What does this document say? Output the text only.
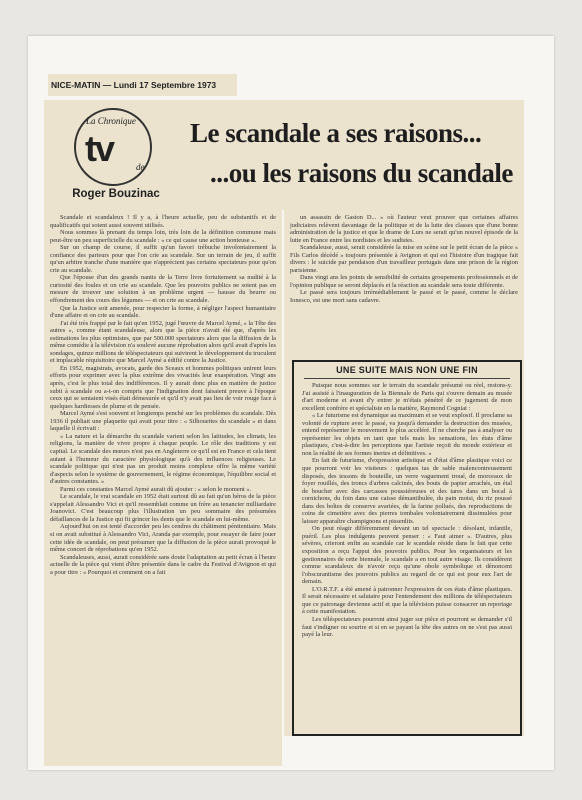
NICE-MATIN — Lundi 17 Septembre 1973
La Chronique
tv	de
Roger Bouzinac
Le scandale a ses raisons...
...ou les raisons du scandale

Scandale et scandaleux ! Il y a, à l'heure actuelle, peu de substantifs et de qualificatifs qui soient aussi souvent utilisés.

Nous sommes là prenant du temps loin, très loin de la définition commune mais peut-être un peu superficielle du scandale : « ce qui cause une action honteuse ».

Sur un champ de course, il suffit qu'un favori trébuche involontairement la confiance des parieurs pour que l'on crie au scandale. Sur un terrain de jeu, il suffit qu'un arbitre tranche d'une manière que n'apprécient pas certains spectateurs pour qu'on crie au scandale.

Que l'épouse d'un des grands nantis de la Terre livre fortuitement sa nudité à la curiosité des foules et on crie au scandale. Que les pouvoirs publics ne soient pas en mesure de trouver une solution à un problème urgent — hausse du beurre ou effondrement des cours des légumes — et on crie au scandale.

Que la Justice soit amenée, pour respecter la forme, à négliger l'aspect humanitaire d'une affaire et on crie au scandale.

J'ai été très frappé par le fait qu'en 1952, jugé l'œuvre de Marcel Aymé, « la Tête des autres », comme étant scandaleuse, alors que la pièce n'avait été que, d'après les estimations les plus optimistes, que par 500.000 spectateurs alors que la diffusion de la même comédie à la télévision n'a soulevé aucune réprobation alors qu'il avait d'après les sondages, quinze millions de téléspectateurs qui suivirent le développement du truculent et implacable réquisitoire que Marcel Aymé a édifié contre la Justice.

En 1952, magistrats, avocats, garde des Sceaux et hommes politiques unirent leurs efforts pour exprimer avec la plus extrême des vivacités leur exaspération. Vingt ans après, c'est le plus total des indifférences. Il y aurait donc plus en matière de justice subit à scandale ou a-t-on compris que l'indignation dont faisaient preuve à l'époque ceux qui se sentaient visés était démesurée et qu'il n'y avait pas lieu de voir rouge face à quelques hardiesses de plume et de pensée.

Marcel Aymé s'est souvent et longtemps penché sur les problèmes du scandale. Dès 1936 il publiait une plaquette qui avait pour titre : « Silhouettes du scandale » et dans laquelle il écrivait :

« La nature et la démarche du scandale varient selon les latitudes, les climats, les religions, la manière de vivre propre à chaque peuple. Le rôle des traditions y est capital. Le scandale des mœurs n'est pas en Angleterre ce qu'il est en France et cela tient autant à l'humeur du caractère physiologique qu'à des influences religieuses. Le scandale politique qui n'est pas un produit moins complexe offre la même variété d'aspects selon le système de gouvernement, le régime économique, l'équilibre social et d'autres constantes. »

Parmi ces constantes Marcel Aymé aurait dû ajouter : « selon le moment ».

Le scandale, le vrai scandale en 1952 était surtout dû au fait qu'un héros de la pièce s'appelait Alessandro Vici et qu'il ressemblait comme un frère au tenancier milliardaire Joanovici. C'est beaucoup plus l'illustration un peu sommaire des présumées défaillances de la Justice qui fit grincer les dents que le scandale en lui-même.

Aujourd'hui on est tenté d'accorder peu les cendres du châtiment pénitentiaire. Mais si on avait substitué à Alessandro Vici, Aranda par exemple, pour essayer de faire jouer cette idée de scandale, on peut présumer que la diffusion de la pièce aurait provoqué le même concert de réprobations qu'en 1952.

Scandaleuses, aussi, aurait considérée sans doute l'adaptation au petit écran à l'heure actuelle de la pièce qui vient d'être présentée dans le cadre du Festival d'Avignon et qui a pour titre : « Pourquoi et comment on a fait

un assassin de Gaston D... » où l'auteur veut prouver que certaines affaires judiciaires relèvent davantage de la politique et de la lutte des classes que d'une bonne administration de la justice et que le drame de Lurs ne serait qu'un nouvel épisode de la lutte en France entre les nordistes et les sudistes.

Scandaleuse, aussi, serait considérée la mise en scène sur le petit écran de la pièce « Fils Carlos décédé » toujours présentée à Avignon et qui est l'histoire d'un tragique fait divers : le suicide par pendaison d'un travailleur portugais dans une prison de la région parisienne.

Dans vingt ans les points de sensibilité de certains groupements professionnels et de l'opinion publique se seront déplacés et la réaction au scandale sera toute différente.

Le passé sera toujours irrémédiablement le passé et le passé, comme le déclare Ionesco, est une mort sans cadavre.

UNE SUITE MAIS NON UNE FIN

Puisque nous sommes sur le terrain du scandale présumé ou réel, restons-y. J'ai assisté à l'inauguration de la Biennale de Paris qui s'ouvre demain au musée d'art moderne et avant d'y entrer je m'étais pénétré de ce jugement de mon excellent confrère et spécialiste en la matière, Raymond Cogniat :

« Le futurisme est dynamique au maximum et se veut explosif. Il proclame sa volonté de rupture avec le passé, va jusqu'à demander la destruction des musées, entend représenter le mouvement le plus accéléré. Il ne cherche pas à analyser ou représenter les objets en tant que tels mais les sensations, les états d'âme plastiques, c'est-à-dire les perceptions que l'artiste reçoit du monde extérieur et non la réalité de ses formes inertes et définitives. »

En fait de futurisme, d'expression artistique et d'état d'âme plastique voici ce que pourront voir les visiteurs : quelques tas de sable malencontreusement disposés, des tessons de bouteille, un verre vaguement troué, de morceaux de foyer rouillés, des troncs d'arbres calcinés, des bouts de papier arrachés, un étal de boucher avec des carcasses poussiéreuses et des tares dans un bocal à cornichons, du foin dans une caisse démantibulée, du pain moisi, du riz poussé dans des boîtes de conserve avariées, de la farine pollués, des reproductions de coins de cimetière avec des pierres tombales volontairement dissimulées pour laisser apparaître champignons et pissenlits.

On peut réagir différemment devant un tel spectacle : désolant, infantile, puéril. Les plus indulgents peuvent penser : « Faut aimer ». D'autres, plus sévères, crieront enfin au scandale car le scandale réside dans le fait que cette exposition a reçu l'appui des pouvoirs publics. Pour les organisateurs et les gestionnaires de cette biennale, le scandale a en tout autre visage. Ils considèrent comme scandaleux de n'avoir reçu qu'une obole symbolique et dénoncent l'obscurantisme des pouvoirs publics au regard de ce qui est pour eux l'art de demain.

L'O.R.T.F. a été amené à patronner l'expression de ces états d'âme plastiques. Il serait nécessaire et salutaire pour l'entendement des millions de téléspectateurs que ce patronage devienne actif et que la télévision puisse consacrer un reportage à cette manifestation.

Les téléspectateurs pourront ainsi juger sur pièce et pourront se demander s'il faut s'indigner ou sourire et si en se payant la tête des autres on ne s'est pas aussi payé la leur.
